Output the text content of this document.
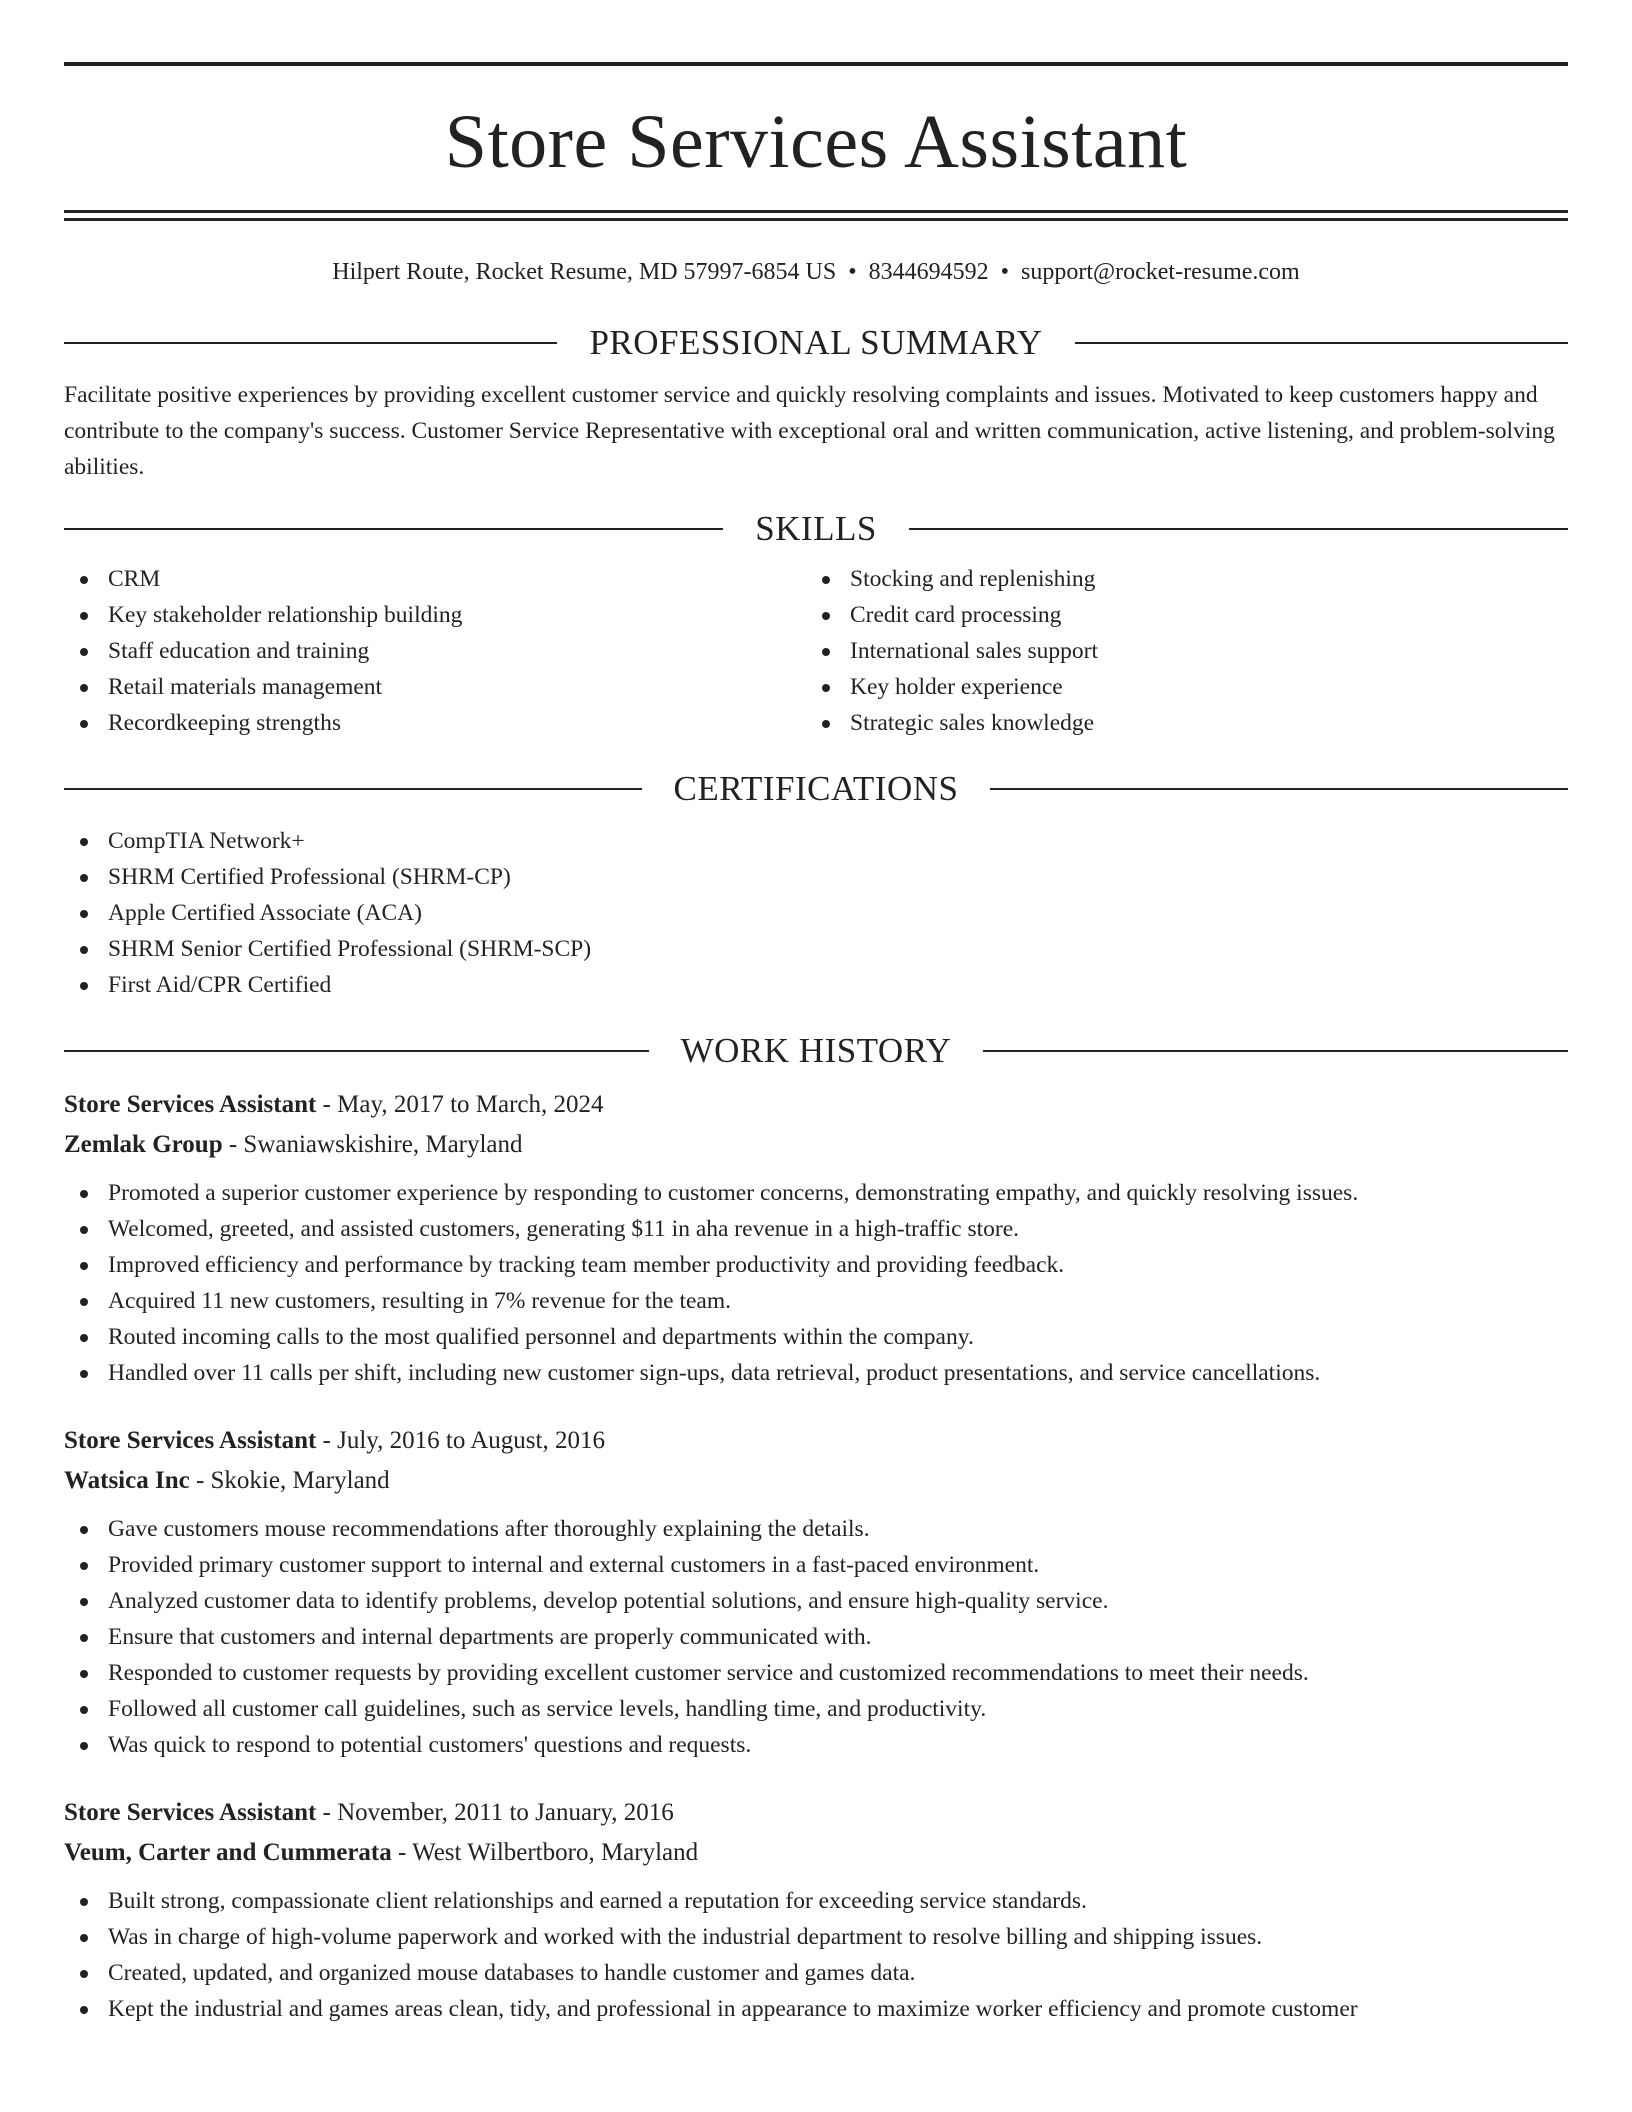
Store Services Assistant
Hilpert Route, Rocket Resume, MD 57997-6854 US • 8344694592 • support@rocket-resume.com
PROFESSIONAL SUMMARY
Facilitate positive experiences by providing excellent customer service and quickly resolving complaints and issues. Motivated to keep customers happy and contribute to the company's success. Customer Service Representative with exceptional oral and written communication, active listening, and problem-solving abilities.
SKILLS
CRM
Key stakeholder relationship building
Staff education and training
Retail materials management
Recordkeeping strengths
Stocking and replenishing
Credit card processing
International sales support
Key holder experience
Strategic sales knowledge
CERTIFICATIONS
CompTIA Network+
SHRM Certified Professional (SHRM-CP)
Apple Certified Associate (ACA)
SHRM Senior Certified Professional (SHRM-SCP)
First Aid/CPR Certified
WORK HISTORY
Store Services Assistant - May, 2017 to March, 2024
Zemlak Group - Swaniawskishire, Maryland
Promoted a superior customer experience by responding to customer concerns, demonstrating empathy, and quickly resolving issues.
Welcomed, greeted, and assisted customers, generating $11 in aha revenue in a high-traffic store.
Improved efficiency and performance by tracking team member productivity and providing feedback.
Acquired 11 new customers, resulting in 7% revenue for the team.
Routed incoming calls to the most qualified personnel and departments within the company.
Handled over 11 calls per shift, including new customer sign-ups, data retrieval, product presentations, and service cancellations.
Store Services Assistant - July, 2016 to August, 2016
Watsica Inc - Skokie, Maryland
Gave customers mouse recommendations after thoroughly explaining the details.
Provided primary customer support to internal and external customers in a fast-paced environment.
Analyzed customer data to identify problems, develop potential solutions, and ensure high-quality service.
Ensure that customers and internal departments are properly communicated with.
Responded to customer requests by providing excellent customer service and customized recommendations to meet their needs.
Followed all customer call guidelines, such as service levels, handling time, and productivity.
Was quick to respond to potential customers' questions and requests.
Store Services Assistant - November, 2011 to January, 2016
Veum, Carter and Cummerata - West Wilbertboro, Maryland
Built strong, compassionate client relationships and earned a reputation for exceeding service standards.
Was in charge of high-volume paperwork and worked with the industrial department to resolve billing and shipping issues.
Created, updated, and organized mouse databases to handle customer and games data.
Kept the industrial and games areas clean, tidy, and professional in appearance to maximize worker efficiency and promote customer
